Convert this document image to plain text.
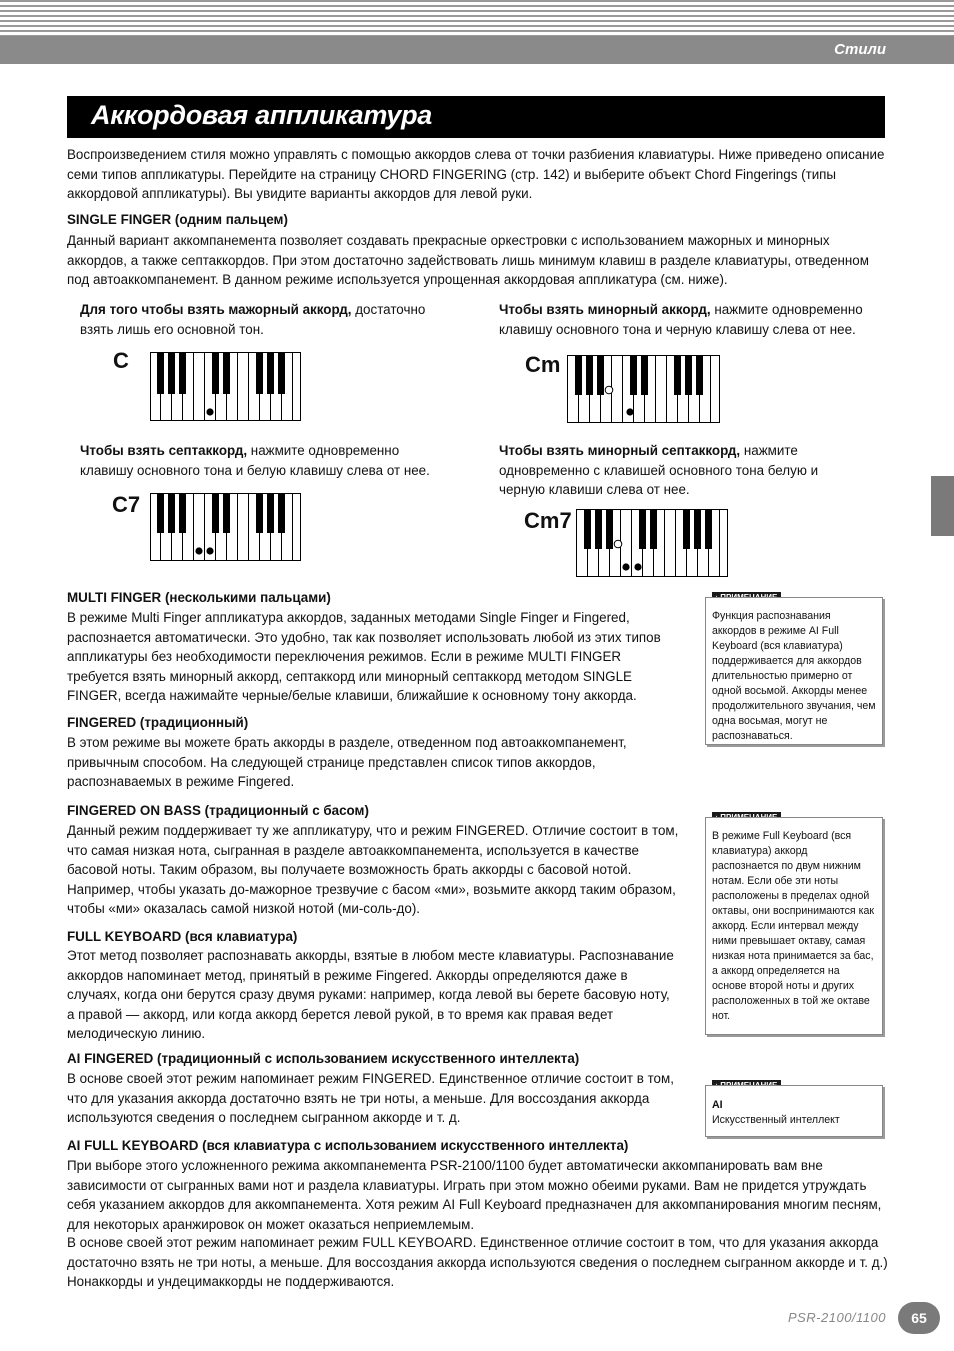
Стили
Аккордовая аппликатура

Воспроизведением стиля можно управлять с помощью аккордов слева от точки разбиения клавиатуры. Ниже приведено описание семи типов аппликатуры. Перейдите на страницу CHORD FINGERING (стр. 142) и выберите объект Chord Fingerings (типы аккордовой аппликатуры). Вы увидите варианты аккордов для левой руки.

SINGLE FINGER (одним пальцем)

Данный вариант аккомпанемента позволяет создавать прекрасные оркестровки с использованием мажорных и минорных аккордов, а также септаккордов. При этом достаточно задействовать лишь минимум клавиш в разделе клавиатуры, отведенном под автоаккомпанемент. В данном режиме используется упрощенная аккордовая аппликатура (см. ниже).

Для того чтобы взять мажорный аккорд, достаточно взять лишь его основной тон.

Чтобы взять минорный аккорд, нажмите одновременно клавишу основного тона и черную клавишу слева от нее.

C	Cm

Чтобы взять септаккорд, нажмите одновременно клавишу основного тона и белую клавишу слева от нее.

Чтобы взять минорный септаккорд, нажмите одновременно с клавишей основного тона белую и черную клавиши слева от нее.

C7
Cm7

MULTI FINGER (несколькими пальцами)

В режиме Multi Finger аппликатура аккордов, заданных методами Single Finger и Fingered, распознается автоматически. Это удобно, так как позволяет использовать любой из этих типов аппликатуры без необходимости переключения режимов. Если в режиме MULTI FINGER требуется взять минорный аккорд, септаккорд или минорный септаккорд методом SINGLE FINGER, всегда нажимайте черные/белые клавиши, ближайшие к основному тону аккорда.

FINGERED (традиционный)

В этом режиме вы можете брать аккорды в разделе, отведенном под автоаккомпанемент, привычным способом. На следующей странице представлен список типов аккордов, распознаваемых в режиме Fingered.

FINGERED ON BASS (традиционный с басом)

Данный режим поддерживает ту же аппликатуру, что и режим FINGERED. Отличие состоит в том, что самая низкая нота, сыгранная в разделе автоаккомпанемента, используется в качестве басовой ноты. Таким образом, вы получаете возможность брать аккорды с басовой нотой. Например, чтобы указать до-мажорное трезвучие с басом «ми», возьмите аккорд таким образом, чтобы «ми» оказалась самой низкой нотой (ми-соль-до).

FULL KEYBOARD (вся клавиатура)

Этот метод позволяет распознавать аккорды, взятые в любом месте клавиатуры. Распознавание аккордов напоминает метод, принятый в режиме Fingered. Аккорды определяются даже в случаях, когда они берутся сразу двумя руками: например, когда левой вы берете басовую ноту, а правой — аккорд, или когда аккорд берется левой рукой, в то время как правая ведет мелодическую линию.

AI FINGERED (традиционный с использованием искусственного интеллекта)

В основе своей этот режим напоминает режим FINGERED. Единственное отличие состоит в том, что для указания аккорда достаточно взять не три ноты, а меньше. Для воссоздания аккорда используются сведения о последнем сыгранном аккорде и т. д.

AI FULL KEYBOARD (вся клавиатура с использованием искусственного интеллекта)

При выборе этого усложненного режима аккомпанемента PSR-2100/1100 будет автоматически аккомпанировать вам вне зависимости от сыгранных вами нот и раздела клавиатуры. Играть при этом можно обеими руками. Вам не придется утруждать себя указанием аккордов для аккомпанемента. Хотя режим AI Full Keyboard предназначен для аккомпанирования многим песням, для некоторых аранжировок он может оказаться неприемлемым.

В основе своей этот режим напоминает режим FULL KEYBOARD. Единственное отличие состоит в том, что для указания аккорда достаточно взять не три ноты, а меньше. Для воссоздания аккорда используются сведения о последнем сыгранном аккорде и т. д.) Нонаккорды и ундецимаккорды не поддерживаются.

Функция распознавания аккордов в режиме AI Full Keyboard (вся клавиатура) поддерживается для аккордов длительностью примерно от одной восьмой. Аккорды менее продолжительного звучания, чем одна восьмая, могут не распознаваться.
В режиме Full Keyboard (вся клавиатура) аккорд распознается по двум нижним нотам. Если обе эти ноты расположены в пределах одной октавы, они воспринимаются как аккорд. Если интервал между ними превышает октаву, самая низкая нота принимается за бас, а аккорд определяется на основе второй ноты и других расположенных в той же октаве нот.
AI
Искусственный интеллект
PSR-2100/1100	65
